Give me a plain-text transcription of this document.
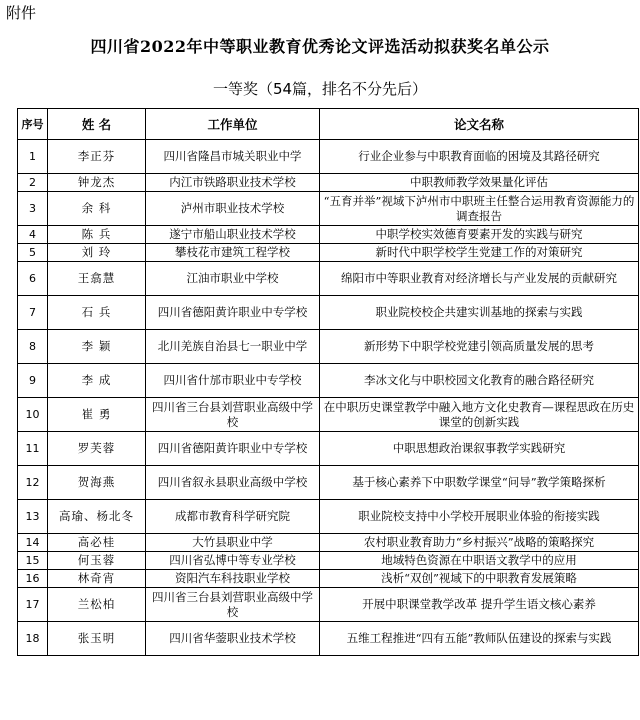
附件
四川省2022年中等职业教育优秀论文评选活动拟获奖名单公示
一等奖（54篇，排名不分先后）
序号	姓 名	工作单位	论文名称
1	李正芬	四川省隆昌市城关职业中学	行业企业参与中职教育面临的困境及其路径研究
2	钟龙杰	内江市铁路职业技术学校	中职教师教学效果量化评估
3	余 科	泸州市职业技术学校	“五育并举”视域下泸州市中职班主任整合运用教育资源能力的调查报告
4	陈 兵	遂宁市船山职业技术学校	中职学校实效德育要素开发的实践与研究
5	刘 玲	攀枝花市建筑工程学校	新时代中职学校学生党建工作的对策研究
6	王翕慧	江油市职业中学校	绵阳市中等职业教育对经济增长与产业发展的贡献研究
7	石 兵	四川省德阳黄许职业中专学校	职业院校校企共建实训基地的探索与实践
8	李 颖	北川羌族自治县七一职业中学	新形势下中职学校党建引领高质量发展的思考
9	李 成	四川省什邡市职业中专学校	李冰文化与中职校园文化教育的融合路径研究
10	崔 勇	四川省三台县刘营职业高级中学校	在中职历史课堂教学中融入地方文化史教育—课程思政在历史课堂的创新实践
11	罗芙蓉	四川省德阳黄许职业中专学校	中职思想政治课叙事教学实践研究
12	贺海燕	四川省叙永县职业高级中学校	基于核心素养下中职数学课堂“问导”教学策略探析
13	高瑜、杨北冬	成都市教育科学研究院	职业院校支持中小学校开展职业体验的衔接实践
14	高必桂	大竹县职业中学	农村职业教育助力“乡村振兴”战略的策略探究
15	何玉蓉	四川省弘博中等专业学校	地域特色资源在中职语文教学中的应用
16	林奇宵	资阳汽车科技职业学校	浅析“双创”视域下的中职教育发展策略
17	兰松柏	四川省三台县刘营职业高级中学校	开展中职课堂教学改革 提升学生语文核心素养
18	张玉明	四川省华蓥职业技术学校	五维工程推进“四有五能”教师队伍建设的探索与实践
